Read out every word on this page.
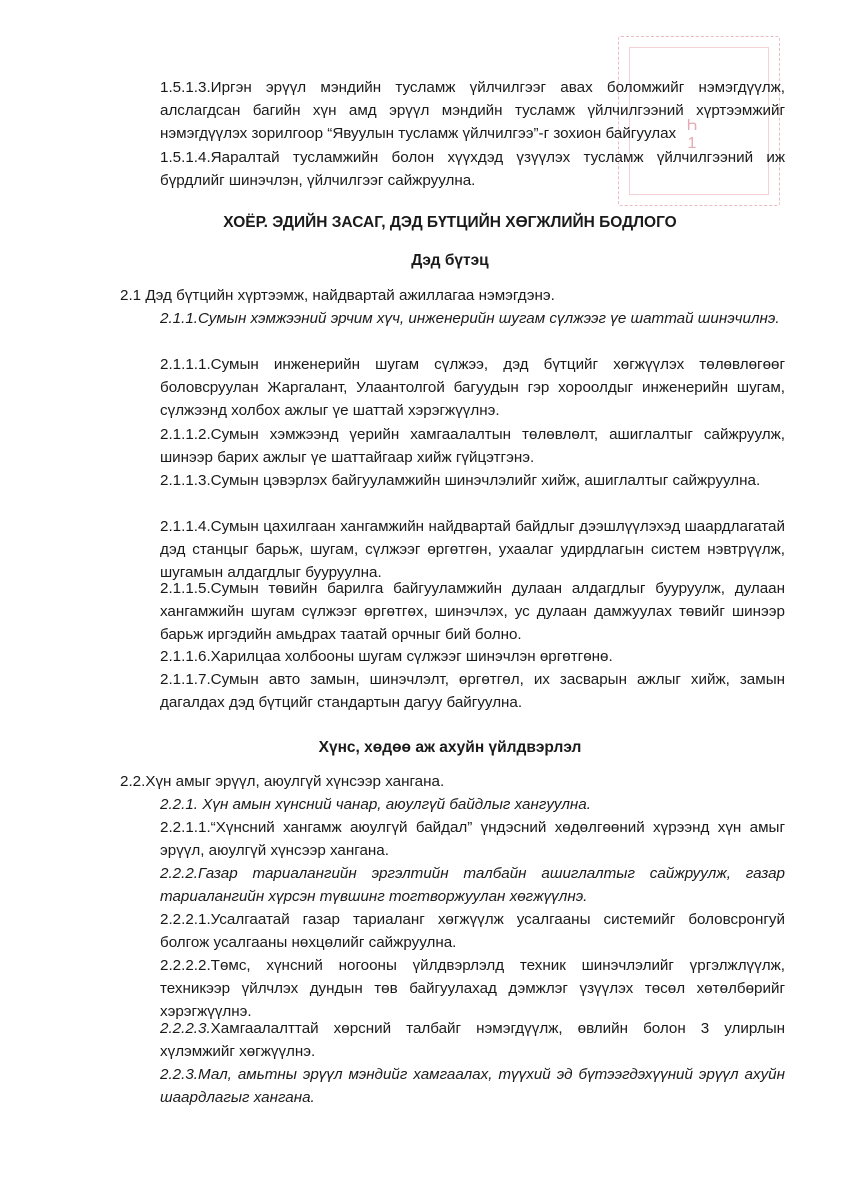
Һ
1

1.5.1.3.Иргэн эрүүл мэндийн тусламж үйлчилгээг авах боломжийг нэмэгдүүлж, алслагдсан багийн хүн амд эрүүл мэндийн тусламж үйлчилгээний хүртээмжийг нэмэгдүүлэх зорилгоор “Явуулын тусламж үйлчилгээ”-г зохион байгуулах

1.5.1.4.Яаралтай тусламжийн болон хүүхдэд үзүүлэх тусламж үйлчилгээний иж бүрдлийг шинэчлэн, үйлчилгээг сайжруулна.

ХОЁР. ЭДИЙН ЗАСАГ, ДЭД БҮТЦИЙН ХӨГЖЛИЙН БОДЛОГО
Дэд бүтэц

2.1 Дэд бүтцийн хүртээмж, найдвартай ажиллагаа нэмэгдэнэ.

2.1.1.Сумын хэмжээний эрчим хүч, инженерийн шугам сүлжээг үе шаттай шинэчилнэ.

2.1.1.1.Сумын инженерийн шугам сүлжээ, дэд бүтцийг хөгжүүлэх төлөвлөгөөг боловсруулан Жаргалант, Улаантолгой багуудын гэр хороолдыг инженерийн шугам, сүлжээнд холбох ажлыг үе шаттай хэрэгжүүлнэ.

2.1.1.2.Сумын хэмжээнд үерийн хамгаалалтын төлөвлөлт, ашиглалтыг сайжруулж, шинээр барих ажлыг үе шаттайгаар хийж гүйцэтгэнэ.

2.1.1.3.Сумын цэвэрлэх байгууламжийн шинэчлэлийг хийж, ашиглалтыг сайжруулна.

2.1.1.4.Сумын цахилгаан хангамжийн найдвартай байдлыг дээшлүүлэхэд шаардлагатай дэд станцыг барьж, шугам, сүлжээг өргөтгөн, ухаалаг удирдлагын систем нэвтрүүлж, шугамын алдагдлыг бууруулна.

2.1.1.5.Сумын төвийн барилга байгууламжийн дулаан алдагдлыг бууруулж, дулаан хангамжийн шугам сүлжээг өргөтгөх, шинэчлэх, ус дулаан дамжуулах төвийг шинээр барьж иргэдийн амьдрах таатай орчныг бий болно.

2.1.1.6.Харилцаа холбооны шугам сүлжээг шинэчлэн өргөтгөнө.

2.1.1.7.Сумын авто замын, шинэчлэлт, өргөтгөл, их засварын ажлыг хийж, замын дагалдах дэд бүтцийг стандартын дагуу байгуулна.

Хүнс, хөдөө аж ахуйн үйлдвэрлэл

2.2.Хүн амыг эрүүл, аюулгүй хүнсээр хангана.

2.2.1. Хүн амын хүнсний чанар, аюулгүй байдлыг хангуулна.

2.2.1.1.“Хүнсний хангамж аюулгүй байдал” үндэсний хөдөлгөөний хүрээнд хүн амыг эрүүл, аюулгүй хүнсээр хангана.

2.2.2.Газар тариалангийн эргэлтийн талбайн ашиглалтыг сайжруулж, газар тариалангийн хүрсэн түвшинг тогтворжуулан хөгжүүлнэ.

2.2.2.1.Усалгаатай газар тариаланг хөгжүүлж усалгааны системийг боловсронгуй болгож усалгааны нөхцөлийг сайжруулна.

2.2.2.2.Төмс, хүнсний ногооны үйлдвэрлэлд техник шинэчлэлийг үргэлжлүүлж, техникээр үйлчлэх дундын төв байгуулахад дэмжлэг үзүүлэх төсөл хөтөлбөрийг хэрэгжүүлнэ.

2.2.2.3.Хамгаалалттай хөрсний талбайг нэмэгдүүлж, өвлийн болон 3 улирлын хүлэмжийг хөгжүүлнэ.

2.2.3.Мал, амьтны эрүүл мэндийг хамгаалах, түүхий эд бүтээгдэхүүний эрүүл ахуйн шаардлагыг хангана.
